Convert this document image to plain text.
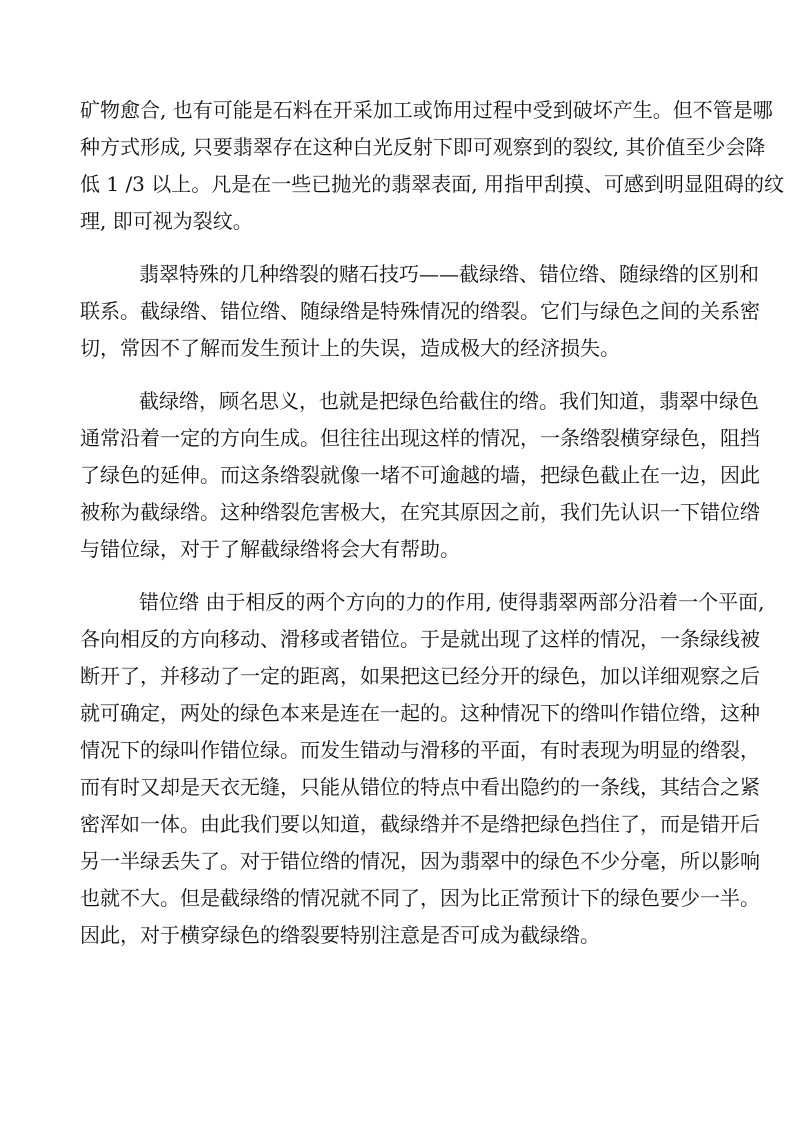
矿物愈合, 也有可能是石料在开采加工或饰用过程中受到破坏产生。但不管是哪
种方式形成, 只要翡翠存在这种白光反射下即可观察到的裂纹, 其价值至少会降
低 1 /3 以上。凡是在一些已抛光的翡翠表面, 用指甲刮摸、可感到明显阻碍的纹
理, 即可视为裂纹。
翡翠特殊的几种绺裂的赌石技巧——截绿绺、错位绺、随绿绺的区别和
联系。截绿绺、错位绺、随绿绺是特殊情况的绺裂。它们与绿色之间的关系密
切，常因不了解而发生预计上的失误，造成极大的经济损失。
截绿绺，顾名思义，也就是把绿色给截住的绺。我们知道，翡翠中绿色
通常沿着一定的方向生成。但往往出现这样的情况，一条绺裂横穿绿色，阻挡
了绿色的延伸。而这条绺裂就像一堵不可逾越的墙，把绿色截止在一边，因此
被称为截绿绺。这种绺裂危害极大，在究其原因之前，我们先认识一下错位绺
与错位绿，对于了解截绿绺将会大有帮助。
错位绺 由于相反的两个方向的力的作用, 使得翡翠两部分沿着一个平面,
各向相反的方向移动、滑移或者错位。于是就出现了这样的情况，一条绿线被
断开了，并移动了一定的距离，如果把这已经分开的绿色，加以详细观察之后
就可确定，两处的绿色本来是连在一起的。这种情况下的绺叫作错位绺，这种
情况下的绿叫作错位绿。而发生错动与滑移的平面，有时表现为明显的绺裂，
而有时又却是天衣无缝，只能从错位的特点中看出隐约的一条线，其结合之紧
密浑如一体。由此我们要以知道，截绿绺并不是绺把绿色挡住了，而是错开后
另一半绿丢失了。对于错位绺的情况，因为翡翠中的绿色不少分毫，所以影响
也就不大。但是截绿绺的情况就不同了，因为比正常预计下的绿色要少一半。
因此，对于横穿绿色的绺裂要特别注意是否可成为截绿绺。
